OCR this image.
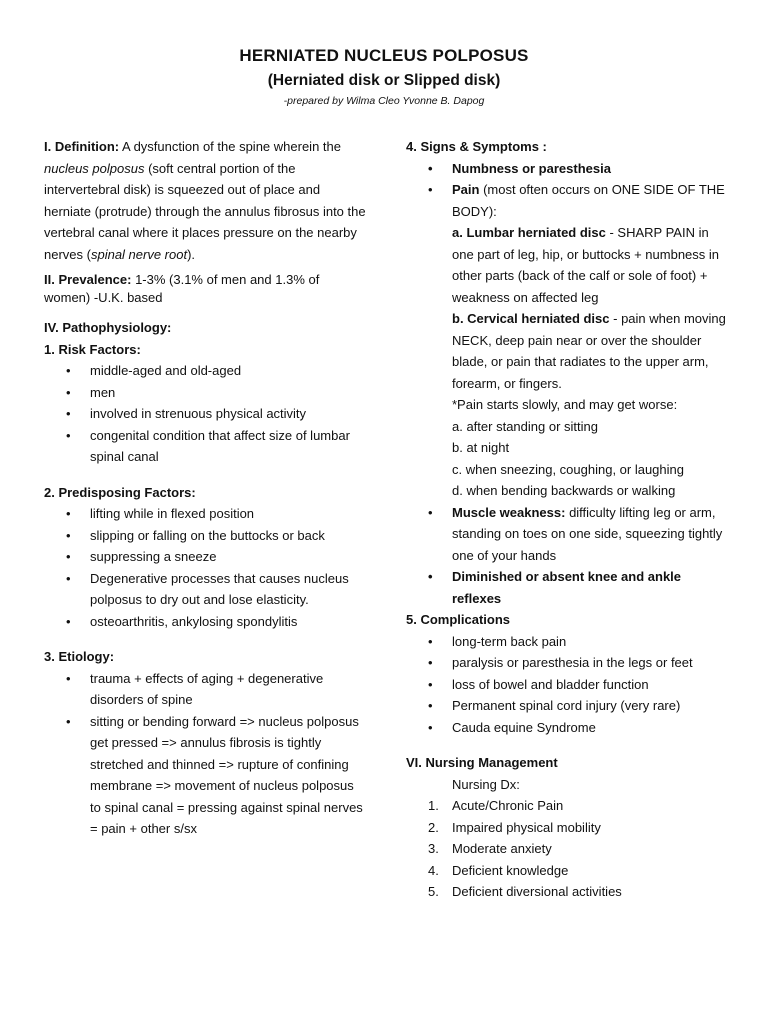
HERNIATED NUCLEUS POLPOSUS
(Herniated disk or Slipped disk)
-prepared by Wilma Cleo Yvonne B. Dapog

I. Definition: A dysfunction of the spine wherein the nucleus polposus (soft central portion of the intervertebral disk) is squeezed out of place and herniate (protrude) through the annulus fibrosus into the vertebral canal where it places pressure on the nearby nerves (spinal nerve root).

II. Prevalence: 1-3% (3.1% of men and 1.3% of women) -U.K. based

IV. Pathophysiology:
1. Risk Factors:
• middle-aged and old-aged
• men
• involved in strenuous physical activity
• congenital condition that affect size of lumbar spinal canal
2. Predisposing Factors:
• lifting while in flexed position
• slipping or falling on the buttocks or back
• suppressing a sneeze
• Degenerative processes that causes nucleus polposus to dry out and lose elasticity.
• osteoarthritis, ankylosing spondylitis
3. Etiology:
• trauma + effects of aging + degenerative disorders of spine
• sitting or bending forward => nucleus polposus get pressed => annulus fibrosis is tightly stretched and thinned => rupture of confining membrane => movement of nucleus polposus to spinal canal = pressing against spinal nerves = pain + other s/sx
4. Signs & Symptoms :
• Numbness or paresthesia
• Pain (most often occurs on ONE SIDE OF THE BODY):
a. Lumbar herniated disc - SHARP PAIN in one part of leg, hip, or buttocks + numbness in other parts (back of the calf or sole of foot) + weakness on affected leg
b. Cervical herniated disc - pain when moving NECK, deep pain near or over the shoulder blade, or pain that radiates to the upper arm, forearm, or fingers.
*Pain starts slowly, and may get worse:
a. after standing or sitting
b. at night
c. when sneezing, coughing, or laughing
d. when bending backwards or walking
• Muscle weakness: difficulty lifting leg or arm, standing on toes on one side, squeezing tightly one of your hands
• Diminished or absent knee and ankle reflexes
5. Complications
• long-term back pain
• paralysis or paresthesia in the legs or feet
• loss of bowel and bladder function
• Permanent spinal cord injury (very rare)
• Cauda equine Syndrome
VI. Nursing Management
Nursing Dx:
1. Acute/Chronic Pain
2. Impaired physical mobility
3. Moderate anxiety
4. Deficient knowledge
5. Deficient diversional activities
